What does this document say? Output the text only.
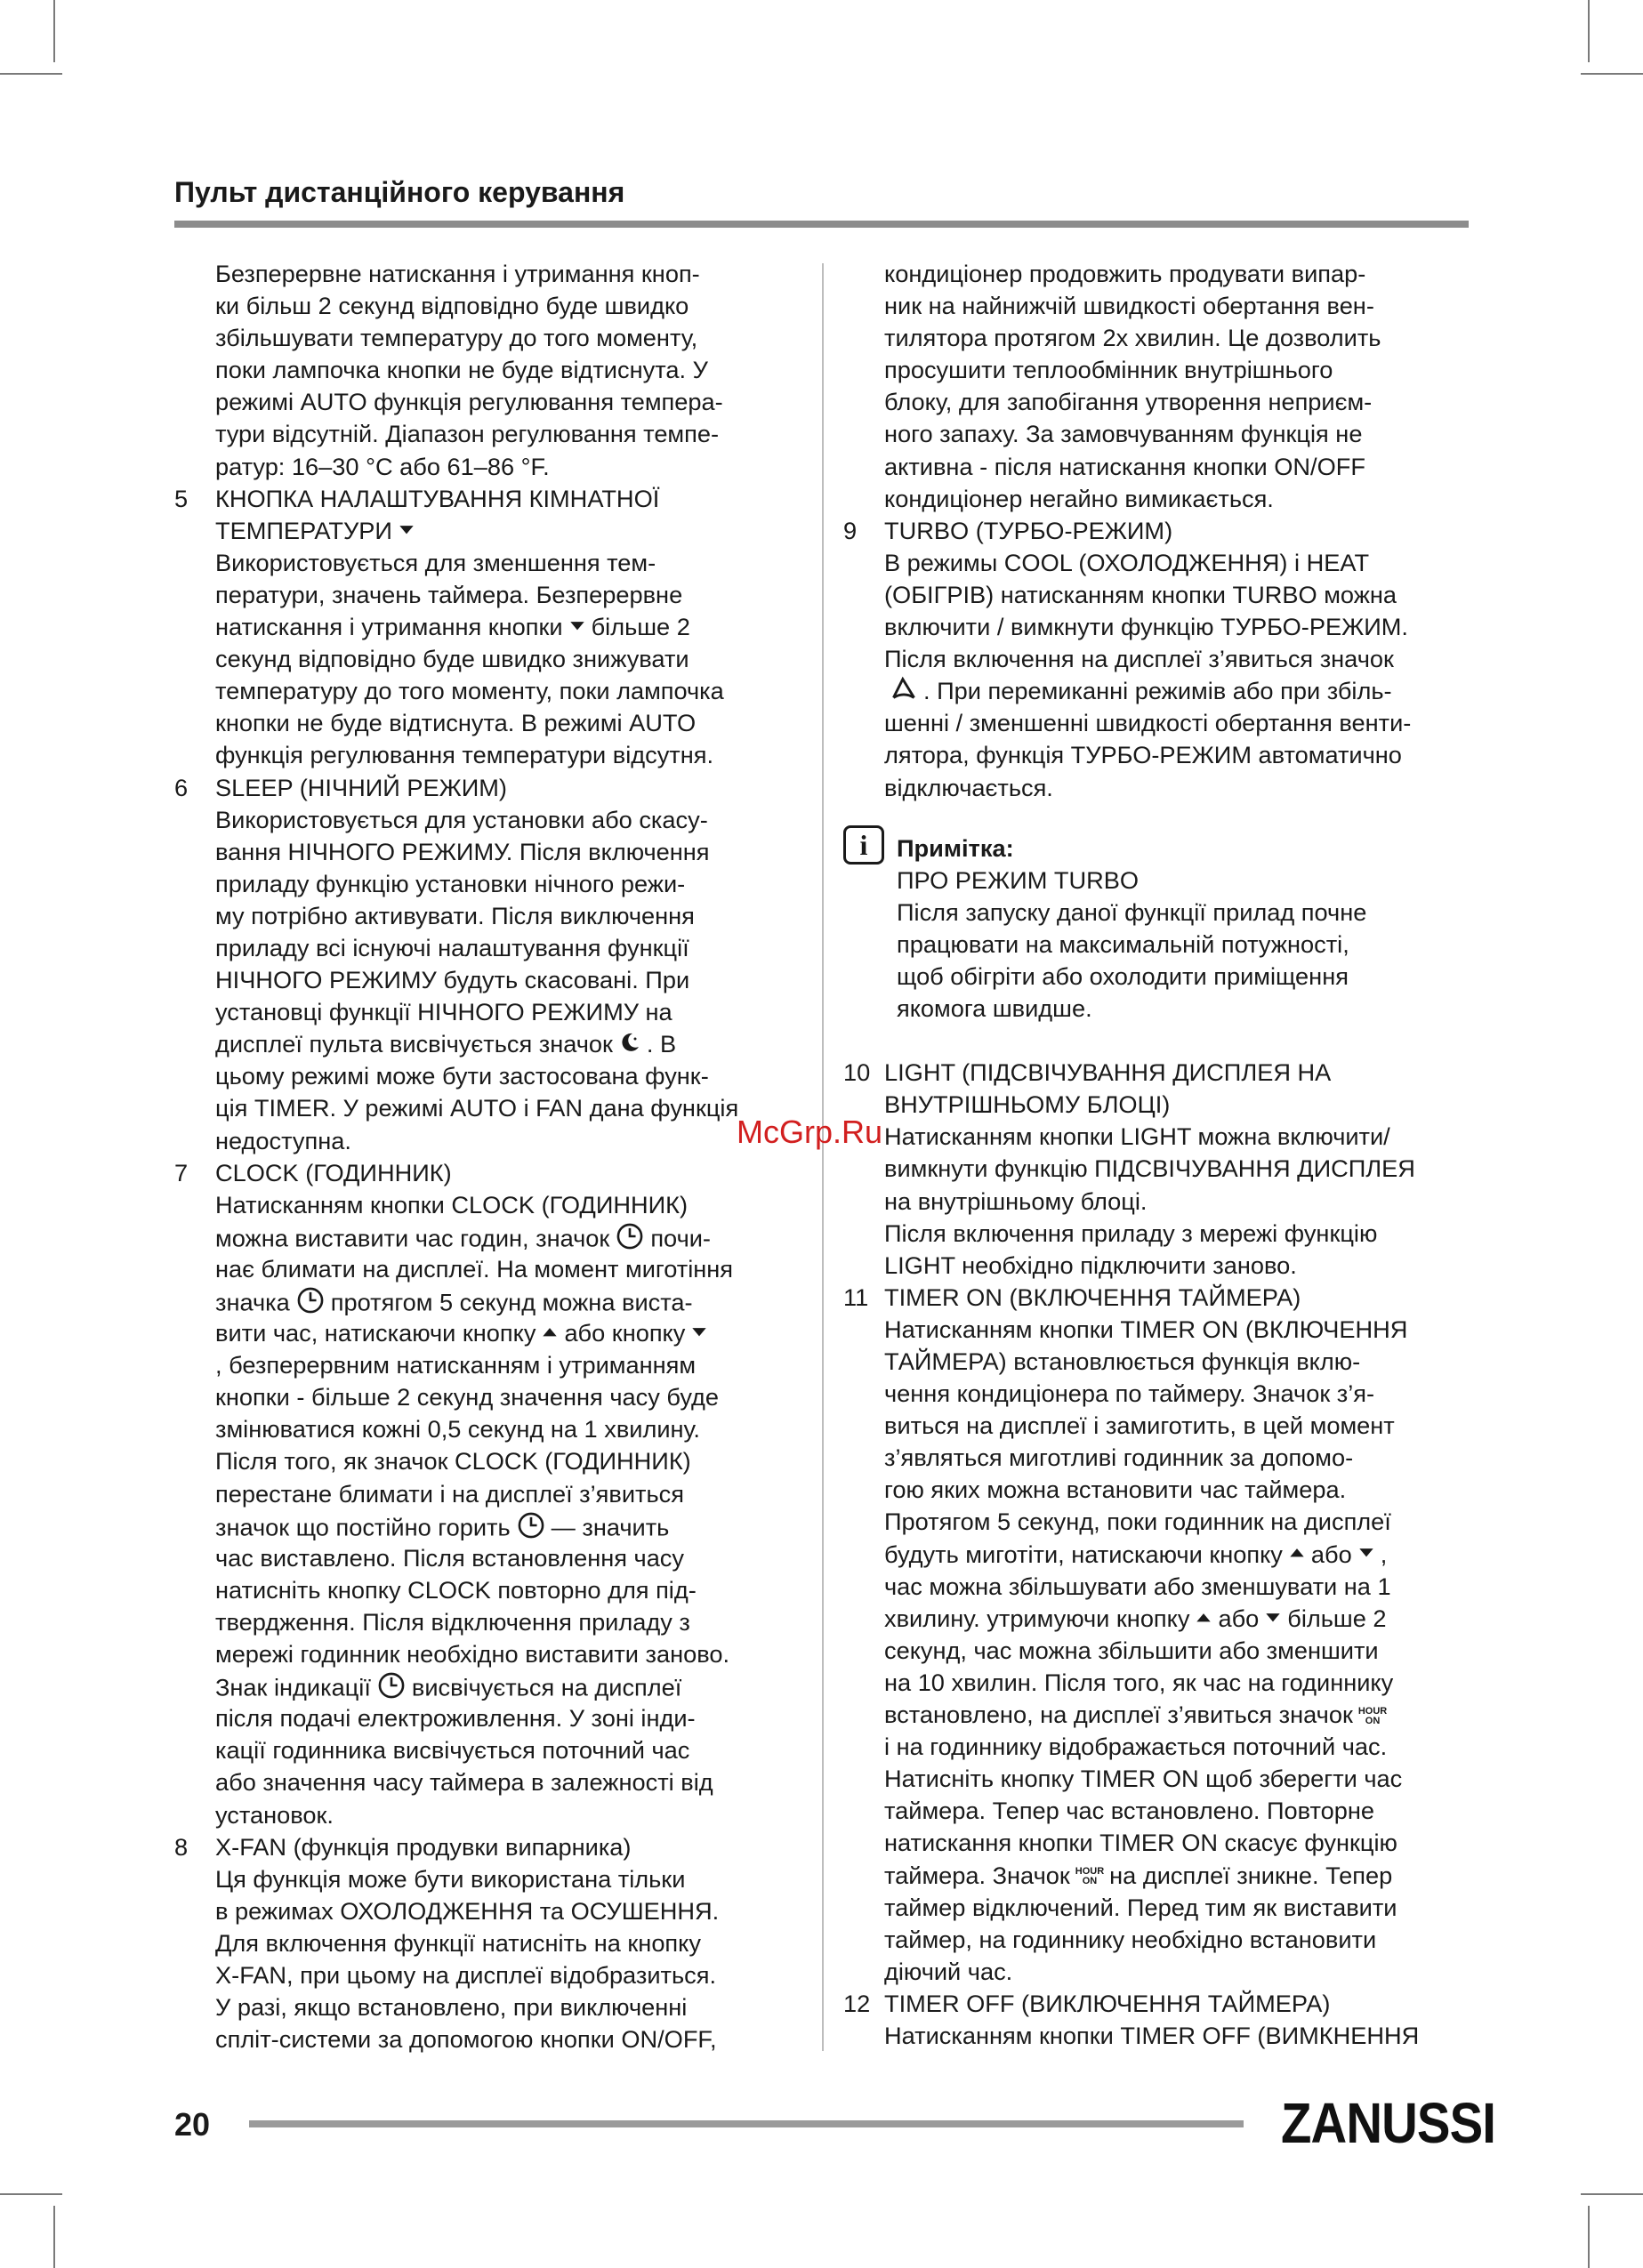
Пульт дистанційного керування
Безперервне натискання і утримання кноп-
ки більш 2 секунд відповідно буде швидко
збільшувати температуру до того моменту,
поки лампочка кнопки не буде відтиснута. У
режимі AUTO функція регулювання темпера-
тури відсутній. Діапазон регулювання темпе-
ратур: 16–30 °C або 61–86 °F.
5 КНОПКА НАЛАШТУВАННЯ КІМНАТНОЇ
ТЕМПЕРАТУРИ
Використовується для зменшення тем-
ператури, значень таймера. Безперервне
натискання і утримання кнопки більше 2
секунд відповідно буде швидко знижувати
температуру до того моменту, поки лампочка
кнопки не буде відтиснута. В режимі AUTO
функція регулювання температури відсутня.
6 SLEEP (НІЧНИЙ РЕЖИМ)
Використовується для установки або скасу-
вання НІЧНОГО РЕЖИМУ. Після включення
приладу функцію установки нічного режи-
му потрібно активувати. Після виключення
приладу всі існуючі налаштування функції
НІЧНОГО РЕЖИМУ будуть скасовані. При
установці функції НІЧНОГО РЕЖИМУ на
дисплеї пульта висвічується значок . В
цьому режимі може бути застосована функ-
ція TIMER. У режимі AUTO і FAN дана функція
недоступна.
7 CLOCK (ГОДИННИК)
Натисканням кнопки CLOCK (ГОДИННИК)
можна виставити час годин, значок почи-
нає блимати на дисплеї. На момент миготіння
значка протягом 5 секунд можна виста-
вити час, натискаючи кнопку або кнопку
, безперервним натисканням і утриманням
кнопки - більше 2 секунд значення часу буде
змінюватися кожні 0,5 секунд на 1 хвилину.
Після того, як значок CLOCK (ГОДИННИК)
перестане блимати і на дисплеї з’явиться
значок що постійно горить — значить
час виставлено. Після встановлення часу
натисніть кнопку CLOCK повторно для під-
твердження. Після відключення приладу з
мережі годинник необхідно виставити заново.
Знак індикації висвічується на дисплеї
після подачі електроживлення. У зоні інди-
кації годинника висвічується поточний час
або значення часу таймера в залежності від
установок.
8 X-FAN (функція продувки випарника)
Ця функція може бути використана тільки
в режимах ОХОЛОДЖЕННЯ та ОСУШЕННЯ.
Для включення функції натисніть на кнопку
X-FAN, при цьому на дисплеї відобразиться.
У разі, якщо встановлено, при виключенні
спліт-системи за допомогою кнопки ON/OFF,
кондиціонер продовжить продувати випар-
ник на найнижчій швидкості обертання вен-
тилятора протягом 2х хвилин. Це дозволить
просушити теплообмінник внутрішнього
блоку, для запобігання утворення неприєм-
ного запаху. За замовчуванням функція не
активна - після натискання кнопки ON/OFF
кондиціонер негайно вимикається.
9 TURBO (ТУРБО-РЕЖИМ)
В режимы COOL (ОХОЛОДЖЕННЯ) і HEAT
(ОБІГРІВ) натисканням кнопки TURBO можна
включити / вимкнути функцію ТУРБО-РЕЖИМ.
Після включення на дисплеї з’явиться значок
. При перемиканні режимів або при збіль-
шенні / зменшенні швидкості обертання венти-
лятора, функція ТУРБО-РЕЖИМ автоматично
відключається.
i	Примітка:
ПРО РЕЖИМ TURBO
Після запуску даної функції прилад почне
працювати на максимальній потужності,
щоб обігріти або охолодити приміщення
якомога швидше.
10 LIGHT (ПІДСВІЧУВАННЯ ДИСПЛЕЯ НА
ВНУТРІШНЬОМУ БЛОЦІ)
Натисканням кнопки LIGHT можна включити/
вимкнути функцію ПІДСВІЧУВАННЯ ДИСПЛЕЯ
на внутрішньому блоці.
Після включення приладу з мережі функцію
LIGHT необхідно підключити заново.
11 TIMER ON (ВКЛЮЧЕННЯ ТАЙМЕРА)
Натисканням кнопки TIMER ON (ВКЛЮЧЕННЯ
ТАЙМЕРА) встановлюється функція вклю-
чення кондиціонера по таймеру. Значок з’я-
виться на дисплеї і замиготить, в цей момент
з’являться миготливі годинник за допомо-
гою яких можна встановити час таймера.
Протягом 5 секунд, поки годинник на дисплеї
будуть миготіти, натискаючи кнопку або ,
час можна збільшувати або зменшувати на 1
хвилину. утримуючи кнопку або більше 2
секунд, час можна збільшити або зменшити
на 10 хвилин. Після того, як час на годиннику
встановлено, на дисплеї з’явиться значок HOUR
ON
і на годиннику відображається поточний час.
Натисніть кнопку TIMER ON щоб зберегти час
таймера. Тепер час встановлено. Повторне
натискання кнопки TIMER ON скасує функцію
таймера. Значок HOUR
ON на дисплеї зникне. Тепер
таймер відключений. Перед тим як виставити
таймер, на годиннику необхідно встановити
діючий час.
12 TIMER OFF (ВИКЛЮЧЕННЯ ТАЙМЕРА)
Натисканням кнопки TIMER OFF (ВИМКНЕННЯ
McGrp.Ru
20	ZANUSSI
